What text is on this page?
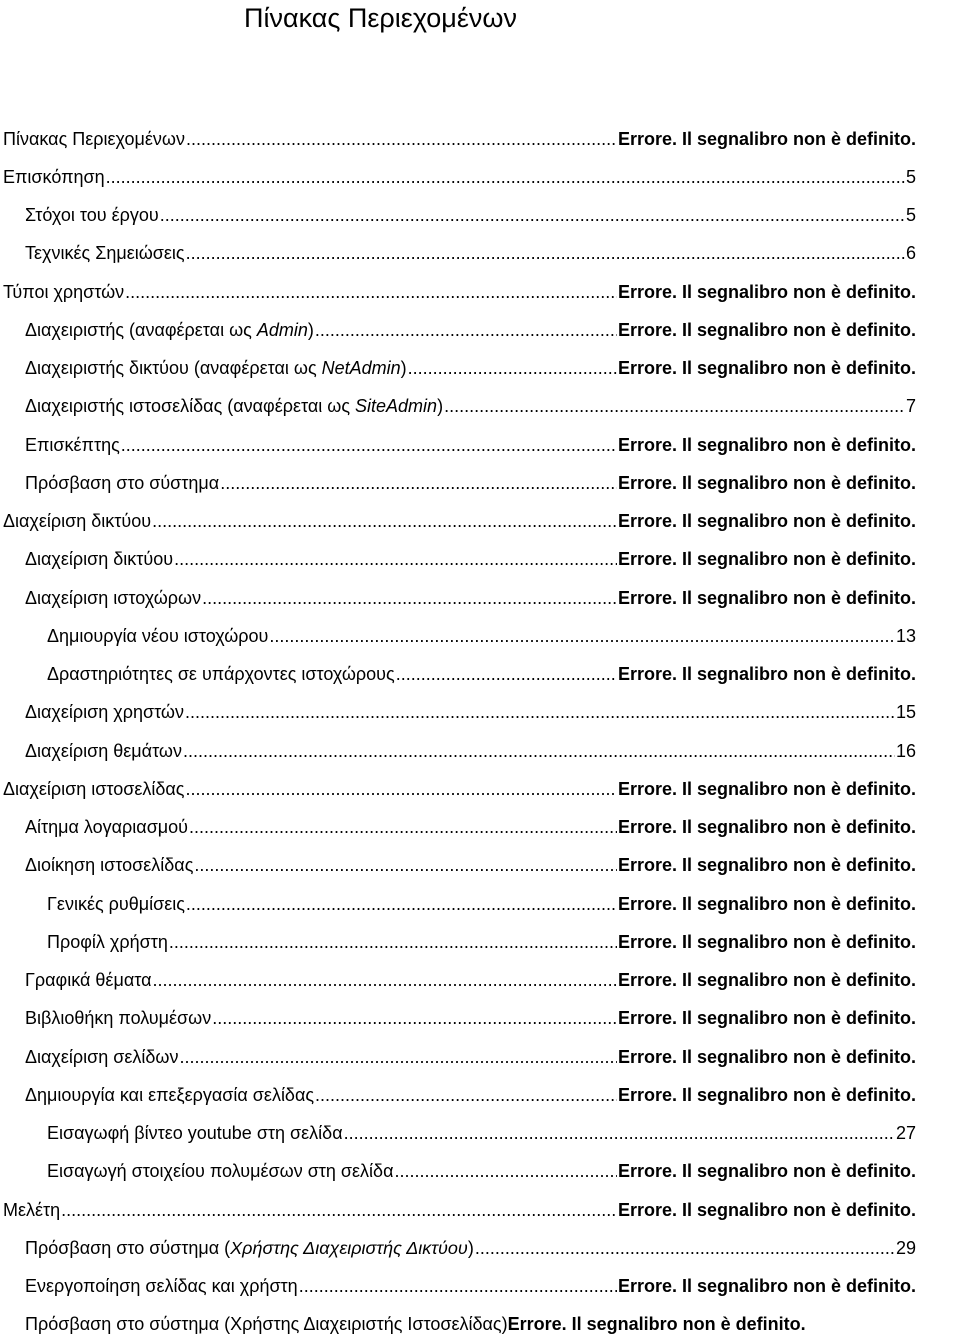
Πίνακας Περιεχομένων
Πίνακας Περιεχομένων .....	Errore. Il segnalibro non è definito.
Επισκόπηση .....	5
Στόχοι του έργου .....	5
Τεχνικές Σημειώσεις .....	6
Τύποι χρηστών .....	Errore. Il segnalibro non è definito.
Διαχειριστής (αναφέρεται ως Admin) .....	Errore. Il segnalibro non è definito.
Διαχειριστής δικτύου (αναφέρεται ως NetAdmin) .....	Errore. Il segnalibro non è definito.
Διαχειριστής ιστοσελίδας (αναφέρεται ως SiteAdmin) .....	7
Επισκέπτης .....	Errore. Il segnalibro non è definito.
Πρόσβαση στο σύστημα .....	Errore. Il segnalibro non è definito.
Διαχείριση δικτύου .....	Errore. Il segnalibro non è definito.
Διαχείριση δικτύου .....	Errore. Il segnalibro non è definito.
Διαχείριση ιστοχώρων .....	Errore. Il segnalibro non è definito.
Δημιουργία νέου ιστοχώρου .....	13
Δραστηριότητες σε υπάρχοντες ιστοχώρους .....	Errore. Il segnalibro non è definito.
Διαχείριση χρηστών .....	15
Διαχείριση θεμάτων .....	16
Διαχείριση ιστοσελίδας .....	Errore. Il segnalibro non è definito.
Αίτημα λογαριασμού .....	Errore. Il segnalibro non è definito.
Διοίκηση ιστοσελίδας .....	Errore. Il segnalibro non è definito.
Γενικές ρυθμίσεις .....	Errore. Il segnalibro non è definito.
Προφίλ χρήστη .....	Errore. Il segnalibro non è definito.
Γραφικά θέματα .....	Errore. Il segnalibro non è definito.
Βιβλιοθήκη πολυμέσων .....	Errore. Il segnalibro non è definito.
Διαχείριση σελίδων .....	Errore. Il segnalibro non è definito.
Δημιουργία και επεξεργασία σελίδας .....	Errore. Il segnalibro non è definito.
Εισαγωφή βίντεο youtube στη σελίδα .....	27
Εισαγωγή στοιχείου πολυμέσων στη σελίδα .....	Errore. Il segnalibro non è definito.
Μελέτη .....	Errore. Il segnalibro non è definito.
Πρόσβαση στο σύστημα (Χρήστης Διαχειριστής Δικτύου) .....	29
Ενεργοποίηση σελίδας και χρήστη .....	Errore. Il segnalibro non è definito.
Πρόσβαση στο σύστημα (Χρήστης Διαχειριστής Ιστοσελίδας) Errore. Il segnalibro non è definito.
